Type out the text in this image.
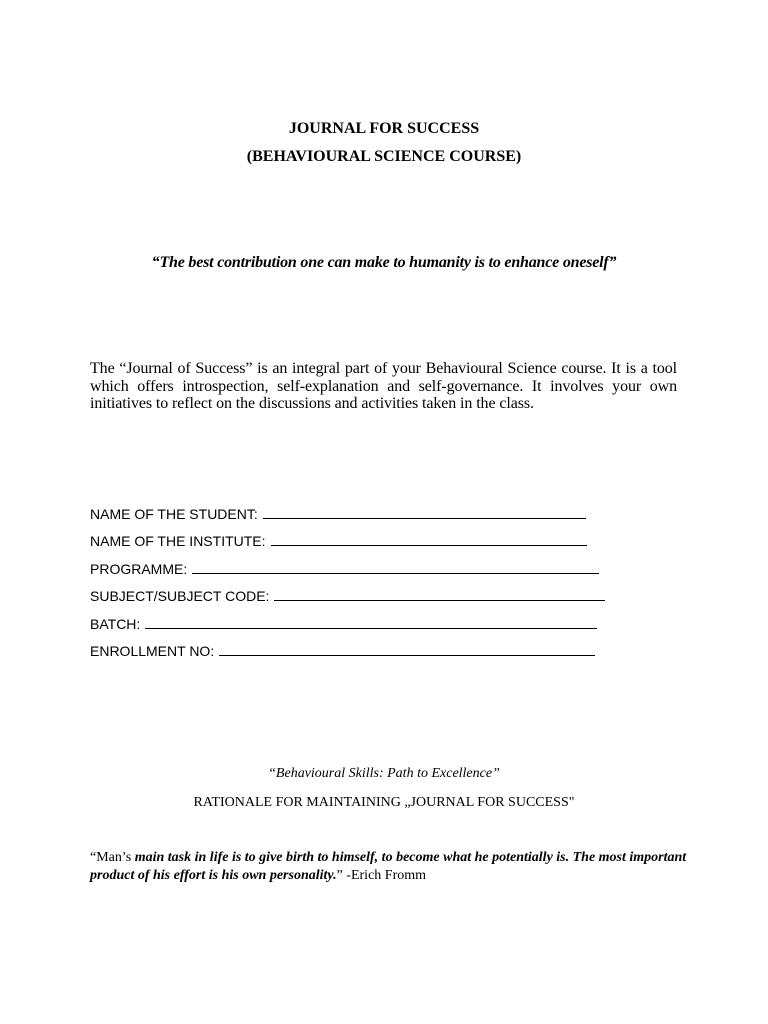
JOURNAL FOR SUCCESS
(BEHAVIOURAL SCIENCE COURSE)
“The best contribution one can make to humanity is to enhance oneself”
The “Journal of Success” is an integral part of your Behavioural Science course. It is a tool which offers introspection, self-explanation and self-governance. It involves your own initiatives to reflect on the discussions and activities taken in the class.
NAME OF THE STUDENT:
NAME OF THE INSTITUTE:
PROGRAMME:
SUBJECT/SUBJECT CODE:
BATCH:
ENROLLMENT NO:
“Behavioural Skills: Path to Excellence”
RATIONALE FOR MAINTAINING „JOURNAL FOR SUCCESS"
“Man’s main task in life is to give birth to himself, to become what he potentially is. The most important product of his effort is his own personality.” -Erich Fromm
